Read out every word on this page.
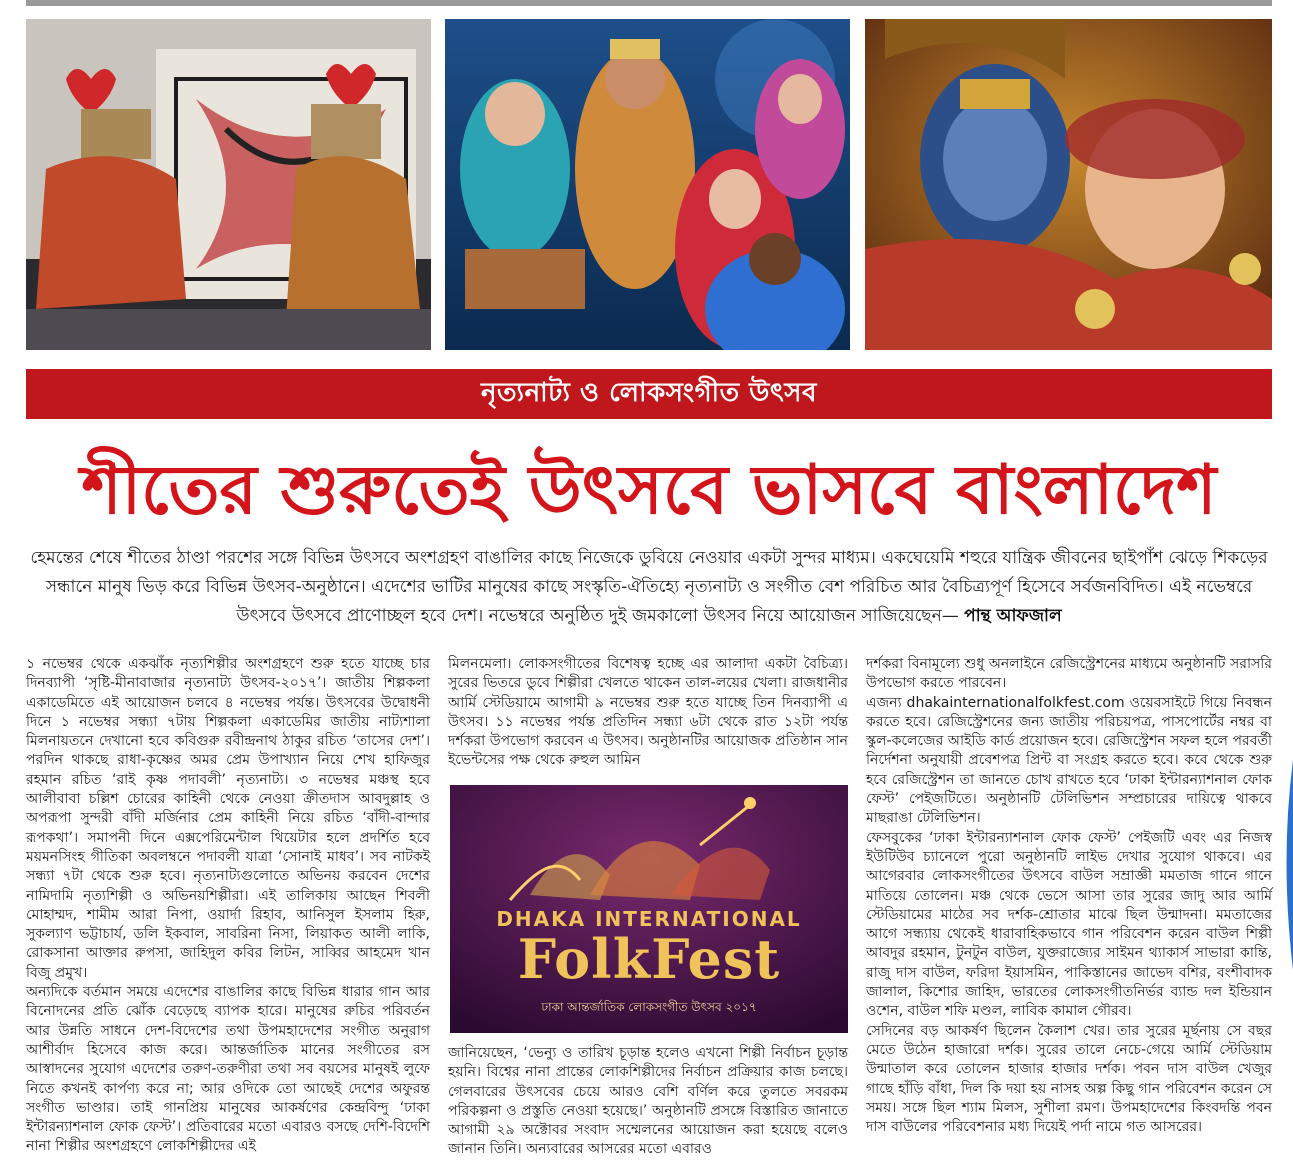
নৃত্যনাট্য ও লোকসংগীত উৎসব
শীতের শুরুতেই উৎসবে ভাসবে বাংলাদেশ
হেমন্তের শেষে শীতের ঠাণ্ডা পরশের সঙ্গে বিভিন্ন উৎসবে অংশগ্রহণ বাঙালির কাছে নিজেকে ডুবিয়ে নেওয়ার একটা সুন্দর মাধ্যম। একঘেয়েমি শহুরে যান্ত্রিক জীবনের ছাইপাঁশ ঝেড়ে শিকড়ের সন্ধানে মানুষ ভিড় করে বিভিন্ন উৎসব-অনুষ্ঠানে। এদেশের ভাটির মানুষের কাছে সংস্কৃতি-ঐতিহ্যে নৃত্যনাট্য ও সংগীত বেশ পরিচিত আর বৈচিত্র্যপূর্ণ হিসেবে সর্বজনবিদিত। এই নভেম্বরে উৎসবে উৎসবে প্রাণোচ্ছল হবে দেশ। নভেম্বরে অনুষ্ঠিত দুই জমকালো উৎসব নিয়ে আয়োজন সাজিয়েছেন— পান্থ আফজাল

১ নভেম্বর থেকে একঝাঁক নৃত্যশিল্পীর অংশগ্রহণে শুরু হতে যাচ্ছে চার দিনব্যাপী ‘সৃষ্টি-মীনাবাজার নৃত্যনাট্য উৎসব-২০১৭’। জাতীয় শিল্পকলা একাডেমিতে এই আয়োজন চলবে ৪ নভেম্বর পর্যন্ত। উৎসবের উদ্বোধনী দিনে ১ নভেম্বর সন্ধ্যা ৭টায় শিল্পকলা একাডেমির জাতীয় নাট্যশালা মিলনায়তনে দেখানো হবে কবিগুরু রবীন্দ্রনাথ ঠাকুর রচিত ‘তাসের দেশ’। পরদিন থাকছে রাধা-কৃষ্ণের অমর প্রেম উপাখ্যান নিয়ে শেখ হাফিজুর রহমান রচিত ‘রাই কৃষ্ণ পদাবলী’ নৃত্যনাট্য। ৩ নভেম্বর মঞ্চস্থ হবে আলীবাবা চল্লিশ চোরের কাহিনী থেকে নেওয়া ক্রীতদাস আবদুল্লাহ ও অপরূপা সুন্দরী বাঁদী মর্জিনার প্রেম কাহিনী নিয়ে রচিত ‘বাঁদী-বান্দার রূপকথা’। সমাপনী দিনে এক্সপেরিমেন্টাল থিয়েটার হলে প্রদর্শিত হবে ময়মনসিংহ গীতিকা অবলম্বনে পদাবলী যাত্রা ‘সোনাই মাধব’। সব নাটকই সন্ধ্যা ৭টা থেকে শুরু হবে। নৃত্যনাট্যগুলোতে অভিনয় করবেন দেশের নামিদামি নৃত্যশিল্পী ও অভিনয়শিল্পীরা। এই তালিকায় আছেন শিবলী মোহাম্মদ, শামীম আরা নিপা, ওয়ার্দা রিহাব, আনিসুল ইসলাম হিরু, সুকল্যাণ ভট্টাচার্য, ডলি ইকবাল, সাবরিনা নিসা, লিয়াকত আলী লাকি, রোকসানা আক্তার রুপসা, জাহিদুল কবির লিটন, সাব্বির আহমেদ খান বিজু প্রমুখ।

অন্যদিকে বর্তমান সময়ে এদেশের বাঙালির কাছে বিভিন্ন ধারার গান আর বিনোদনের প্রতি ঝোঁক বেড়েছে ব্যাপক হারে। মানুষের রুচির পরিবর্তন আর উন্নতি সাধনে দেশ-বিদেশের তথা উপমহাদেশের সংগীত অনুরাগ আশীর্বাদ হিসেবে কাজ করে। আন্তর্জাতিক মানের সংগীতের রস আস্বাদনের সুযোগ এদেশের তরুণ-তরুণীরা তথা সব বয়সের মানুষই লুফে নিতে কখনই কার্পণ্য করে না; আর ওদিকে তো আছেই দেশের অফুরন্ত সংগীত ভাণ্ডার। তাই গানপ্রিয় মানুষের আকর্ষণের কেন্দ্রবিন্দু ‘ঢাকা ইন্টারন্যাশনাল ফোক ফেস্ট’। প্রতিবারের মতো এবারও বসছে দেশি-বিদেশি নানা শিল্পীর অংশগ্রহণে লোকশিল্পীদের এই

মিলনমেলা। লোকসংগীতের বিশেষত্ব হচ্ছে এর আলাদা একটা বৈচিত্র্য। সুরের ভিতরে ডুবে শিল্পীরা খেলতে থাকেন তাল-লয়ের খেলা। রাজধানীর আর্মি স্টেডিয়ামে আগামী ৯ নভেম্বর শুরু হতে যাচ্ছে তিন দিনব্যাপী এ উৎসব। ১১ নভেম্বর পর্যন্ত প্রতিদিন সন্ধ্যা ৬টা থেকে রাত ১২টা পর্যন্ত দর্শকরা উপভোগ করবেন এ উৎসব। অনুষ্ঠানটির আয়োজক প্রতিষ্ঠান সান ইভেন্টসের পক্ষ থেকে রুহুল আমিন

DHAKA INTERNATIONAL
FolkFest
ঢাকা আন্তর্জাতিক লোকসংগীত উৎসব ২০১৭

জানিয়েছেন, ‘ভেন্যু ও তারিখ চূড়ান্ত হলেও এখনো শিল্পী নির্বাচন চূড়ান্ত হয়নি। বিশ্বের নানা প্রান্তের লোকশিল্পীদের নির্বাচন প্রক্রিয়ার কাজ চলছে। গেলবারের উৎসবের চেয়ে আরও বেশি বর্ণিল করে তুলতে সবরকম পরিকল্পনা ও প্রস্তুতি নেওয়া হয়েছে।’ অনুষ্ঠানটি প্রসঙ্গে বিস্তারিত জানাতে আগামী ২৯ অক্টোবর সংবাদ সম্মেলনের আয়োজন করা হয়েছে বলেও জানান তিনি। অন্যবারের আসরের মতো এবারও

দর্শকরা বিনামূল্যে শুধু অনলাইনে রেজিস্ট্রেশনের মাধ্যমে অনুষ্ঠানটি সরাসরি উপভোগ করতে পারবেন।

এজন্য dhakainternationalfolkfest.com ওয়েবসাইটে গিয়ে নিবন্ধন করতে হবে। রেজিস্ট্রেশনের জন্য জাতীয় পরিচয়পত্র, পাসপোর্টের নম্বর বা স্কুল-কলেজের আইডি কার্ড প্রয়োজন হবে। রেজিস্ট্রেশন সফল হলে পরবর্তী নির্দেশনা অনুযায়ী প্রবেশপত্র প্রিন্ট বা সংগ্রহ করতে হবে। কবে থেকে শুরু হবে রেজিস্ট্রেশন তা জানতে চোখ রাখতে হবে ‘ঢাকা ইন্টারন্যাশনাল ফোক ফেস্ট’ পেইজটিতে। অনুষ্ঠানটি টেলিভিশন সম্প্রচারের দায়িত্বে থাকবে মাছরাঙা টেলিভিশন।

ফেসবুকের ‘ঢাকা ইন্টারন্যাশনাল ফোক ফেস্ট’ পেইজটি এবং এর নিজস্ব ইউটিউব চ্যানেলে পুরো অনুষ্ঠানটি লাইভ দেখার সুযোগ থাকবে। এর আগেরবার লোকসংগীতের উৎসবে বাউল সম্রাজ্ঞী মমতাজ গানে গানে মাতিয়ে তোলেন। মঞ্চ থেকে ভেসে আসা তার সুরের জাদু আর আর্মি স্টেডিয়ামের মাঠের সব দর্শক-শ্রোতার মাঝে ছিল উন্মাদনা। মমতাজের আগে সন্ধ্যায় থেকেই ধারাবাহিকভাবে গান পরিবেশন করেন বাউল শিল্পী আবদুর রহমান, টুনটুন বাউল, যুক্তরাজ্যের সাইমন থ্যাকার্স সাভারা কান্তি, রাজু দাস বাউল, ফরিদা ইয়াসমিন, পাকিস্তানের জাভেদ বশির, বংশীবাদক জালাল, কিশোর জাহিদ, ভারতের লোকসংগীতনির্ভর ব্যান্ড দল ইন্ডিয়ান ওশেন, বাউল শফি মণ্ডল, লাবিক কামাল গৌরব।

সেদিনের বড় আকর্ষণ ছিলেন কৈলাশ খের। তার সুরের মূর্ছনায় সে বছর মেতে উঠেন হাজারো দর্শক। সুরের তালে নেচে-গেয়ে আর্মি স্টেডিয়াম উন্মাতাল করে তোলেন হাজার হাজার দর্শক। পবন দাস বাউল খেজুর গাছে হাঁড়ি বাঁধা, দিল কি দয়া হয় নাসহ অল্প কিছু গান পরিবেশন করেন সে সময়। সঙ্গে ছিল শ্যাম মিলস, সুশীলা রমণ। উপমহাদেশের কিংবদন্তি পবন দাস বাউলের পরিবেশনার মধ্য দিয়েই পর্দা নামে গত আসরের।
